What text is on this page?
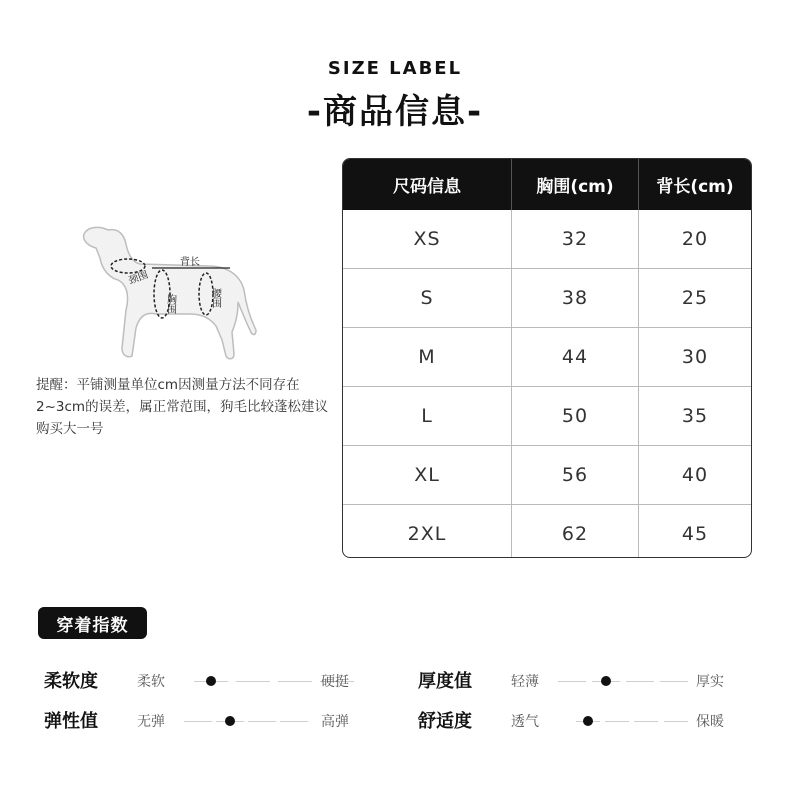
SIZE LABEL
-商品信息-
背长
颈围
胸围	腰围
提醒：平铺测量单位cm因测量方法不同存在2~3cm的误差，属正常范围，狗毛比较蓬松建议购买大一号
尺码信息	胸围(cm)	背长(cm)
XS	32	20
S	38	25
M	44	30
L	50	35
XL	56	40
2XL	62	45
穿着指数
柔软度	柔软	硬挺	厚度值	轻薄	厚实
弹性值	无弹	高弹	舒适度	透气	保暖
